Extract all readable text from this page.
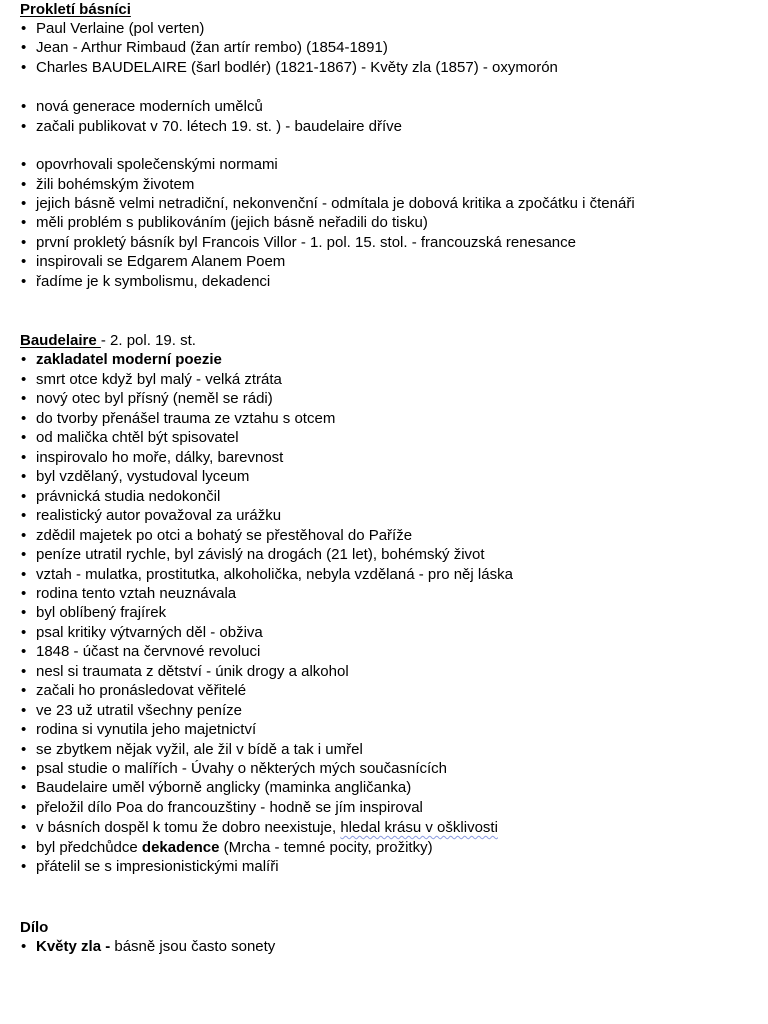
Prokletí básníci
• Paul Verlaine (pol verten)
• Jean - Arthur Rimbaud (žan artír rembo) (1854-1891)
• Charles BAUDELAIRE (šarl bodlér) (1821-1867) - Květy zla (1857) - oxymorón
• nová generace moderních umělců
• začali publikovat v 70. létech 19. st. ) - baudelaire dříve
• opovrhovali společenskými normami
• žili bohémským životem
• jejich básně velmi netradiční, nekonvenční - odmítala je dobová kritika a zpočátku i čtenáři
• měli problém s publikováním (jejich básně neřadili do tisku)
• první prokletý básník byl Francois Villor - 1. pol. 15. stol. - francouzská renesance
• inspirovali se Edgarem Alanem Poem
• řadíme je k symbolismu, dekadenci
Baudelaire - 2. pol. 19. st.
• zakladatel moderní poezie
• smrt otce když byl malý - velká ztráta
• nový otec byl přísný (neměl se rádi)
• do tvorby přenášel trauma ze vztahu s otcem
• od malička chtěl být spisovatel
• inspirovalo ho moře, dálky, barevnost
• byl vzdělaný, vystudoval lyceum
• právnická studia nedokončil
• realistický autor považoval za urážku
• zdědil majetek po otci a bohatý se přestěhoval do Paříže
• peníze utratil rychle, byl závislý na drogách (21 let), bohémský život
• vztah - mulatka, prostitutka, alkoholička, nebyla vzdělaná - pro něj láska
• rodina tento vztah neuznávala
• byl oblíbený frajírek
• psal kritiky výtvarných děl - obživa
• 1848 - účast na červnové revoluci
• nesl si traumata z dětství - únik drogy a alkohol
• začali ho pronásledovat věřitelé
• ve 23 už utratil všechny peníze
• rodina si vynutila jeho majetnictví
• se zbytkem nějak vyžil, ale žil v bídě a tak i umřel
• psal studie o malířích - Úvahy o některých mých současnících
• Baudelaire uměl výborně anglicky (maminka angličanka)
• přeložil dílo Poa do francouzštiny - hodně se jím inspiroval
• v básních dospěl k tomu že dobro neexistuje, hledal krásu v ošklivosti
• byl předchůdce dekadence (Mrcha - temné pocity, prožitky)
• přátelil se s impresionistickými malíři
Dílo
• Květy zla - básně jsou často sonety
